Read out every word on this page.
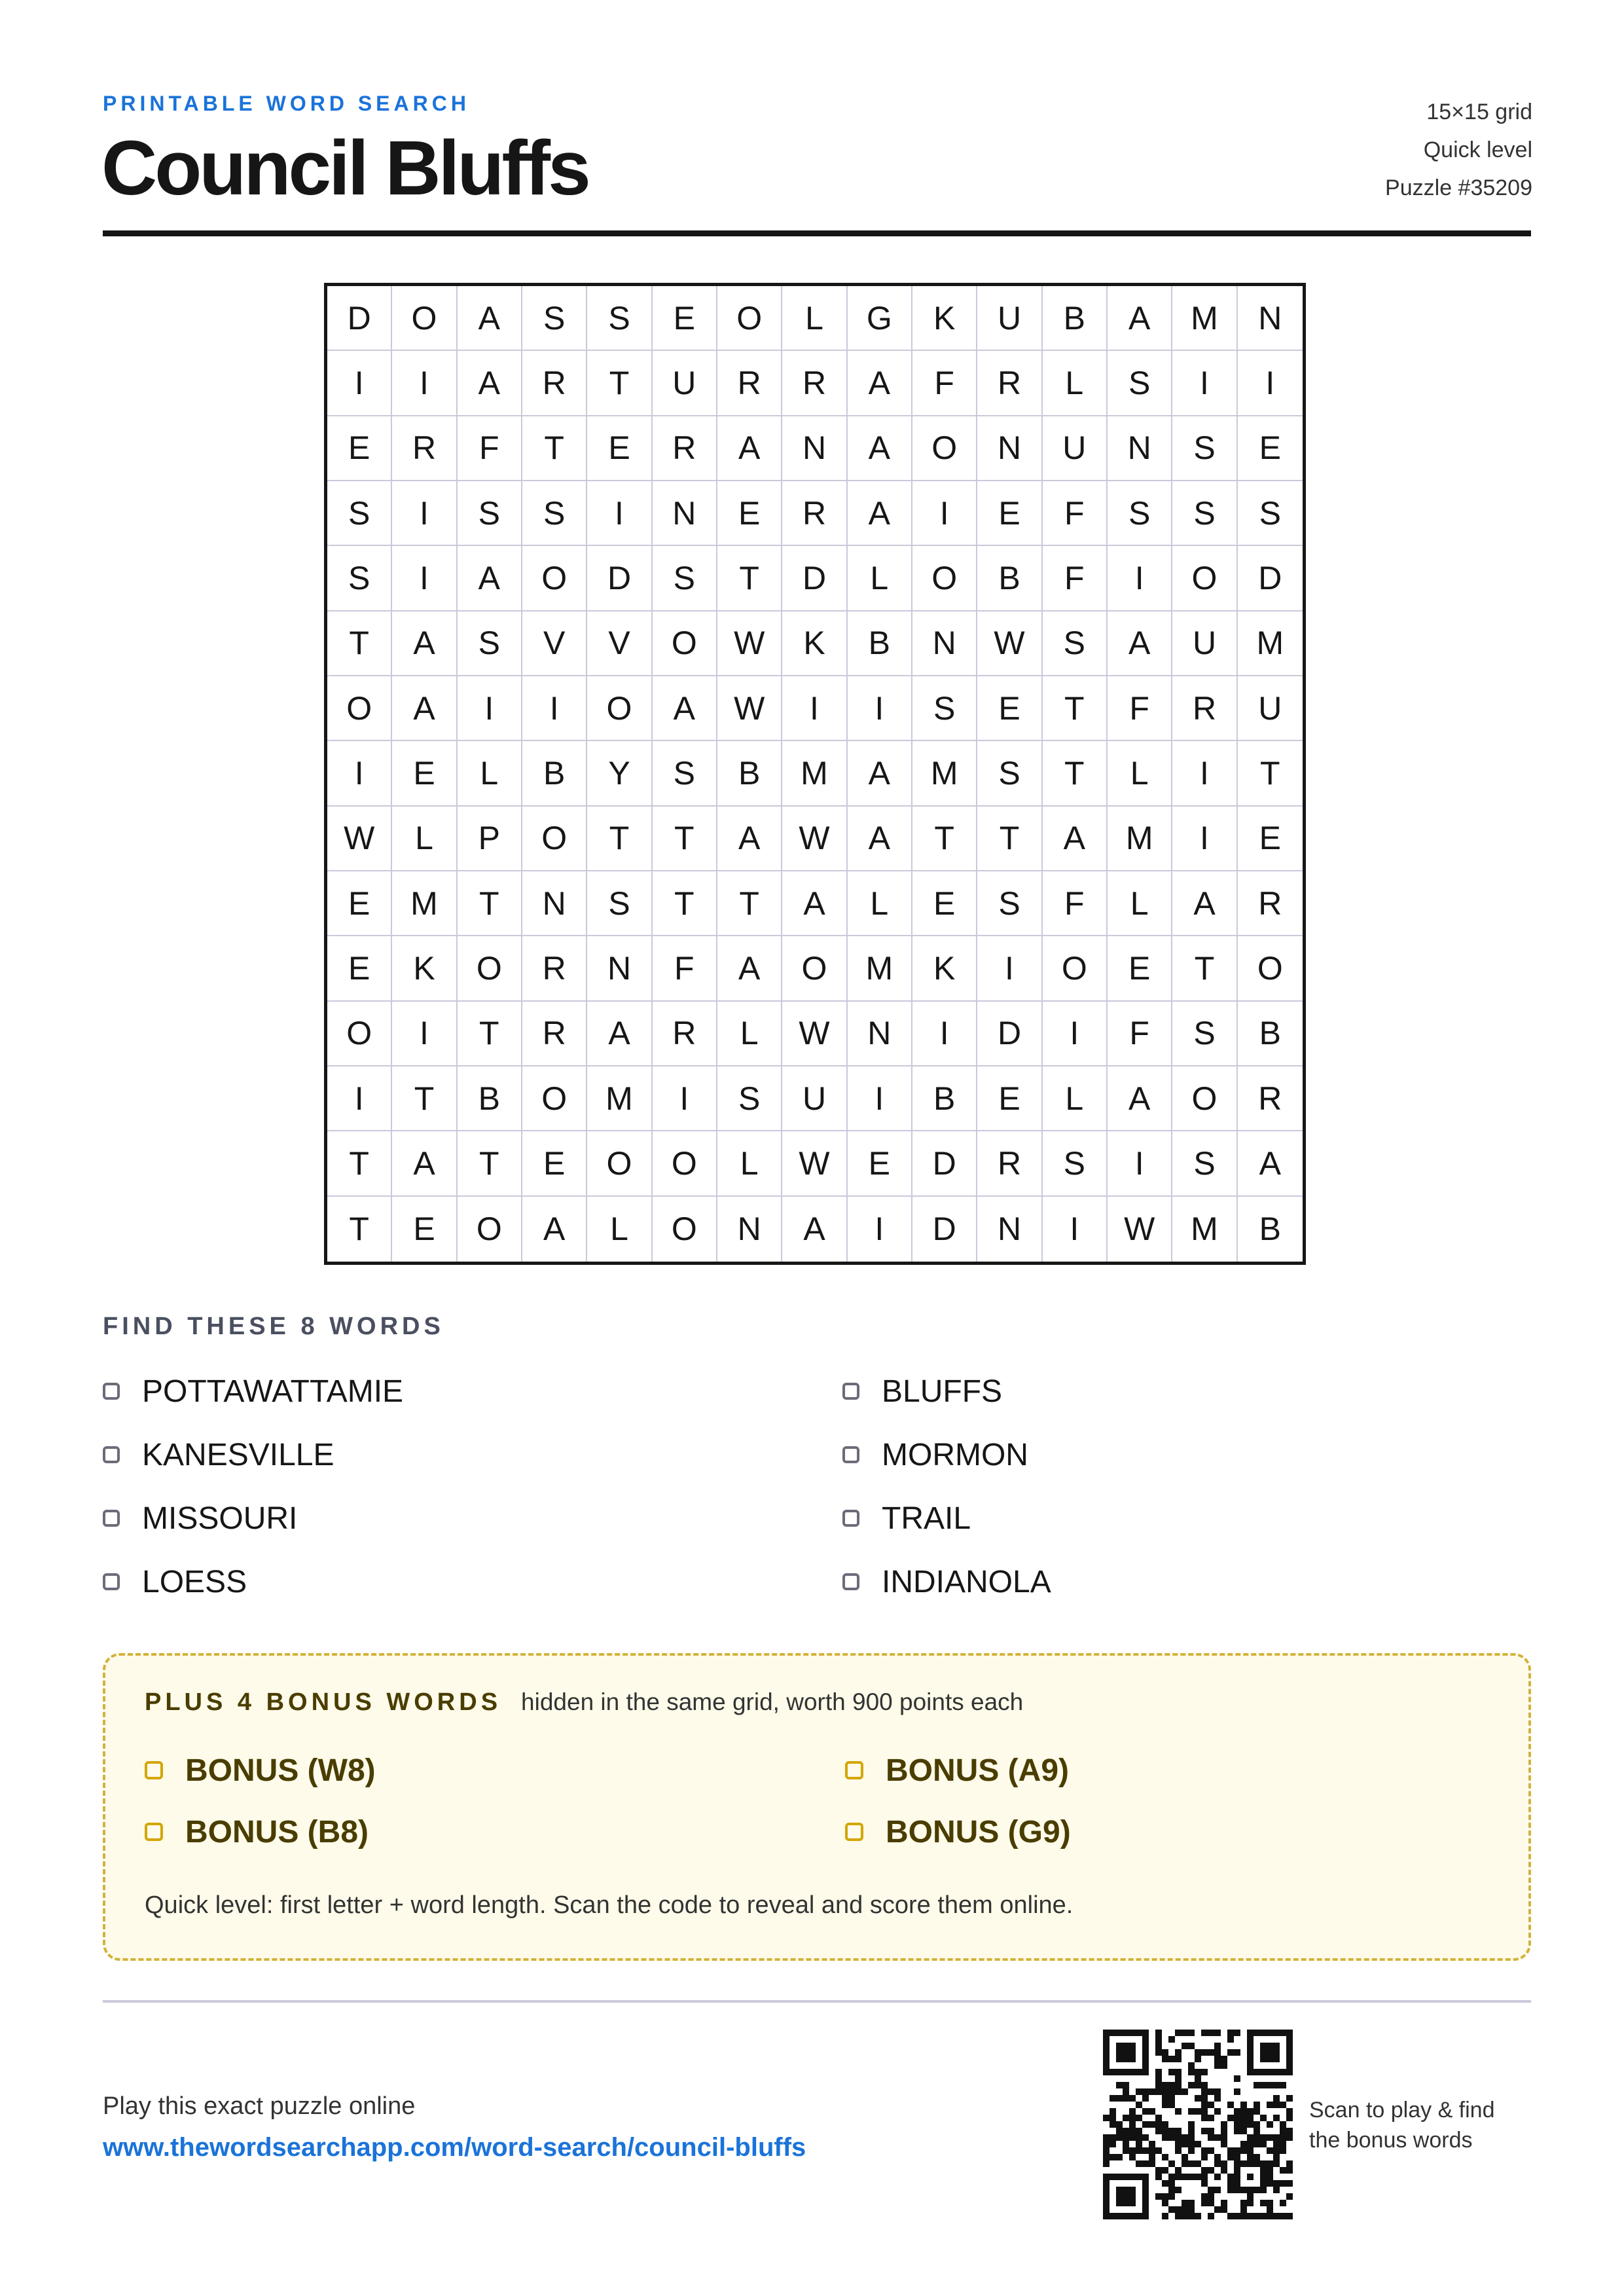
PRINTABLE WORD SEARCH
Council Bluffs
15×15 grid
Quick level
Puzzle #35209
D	O	A	S	S	E	O	L	G	K	U	B	A	M	N
I	I	A	R	T	U	R	R	A	F	R	L	S	I	I
E	R	F	T	E	R	A	N	A	O	N	U	N	S	E
S	I	S	S	I	N	E	R	A	I	E	F	S	S	S
S	I	A	O	D	S	T	D	L	O	B	F	I	O	D
T	A	S	V	V	O	W	K	B	N	W	S	A	U	M
O	A	I	I	O	A	W	I	I	S	E	T	F	R	U
I	E	L	B	Y	S	B	M	A	M	S	T	L	I	T
W	L	P	O	T	T	A	W	A	T	T	A	M	I	E
E	M	T	N	S	T	T	A	L	E	S	F	L	A	R
E	K	O	R	N	F	A	O	M	K	I	O	E	T	O
O	I	T	R	A	R	L	W	N	I	D	I	F	S	B
I	T	B	O	M	I	S	U	I	B	E	L	A	O	R
T	A	T	E	O	O	L	W	E	D	R	S	I	S	A
T	E	O	A	L	O	N	A	I	D	N	I	W	M	B
FIND THESE 8 WORDS
POTTAWATTAMIE	BLUFFS
KANESVILLE	MORMON
MISSOURI	TRAIL
LOESS	INDIANOLA
PLUS 4 BONUS WORDS hidden in the same grid, worth 900 points each
BONUS (W8)	BONUS (A9)
BONUS (B8)	BONUS (G9)
Quick level: first letter + word length. Scan the code to reveal and score them online.
Play this exact puzzle online
www.thewordsearchapp.com/word-search/council-bluffs
Scan to play & find the bonus words
